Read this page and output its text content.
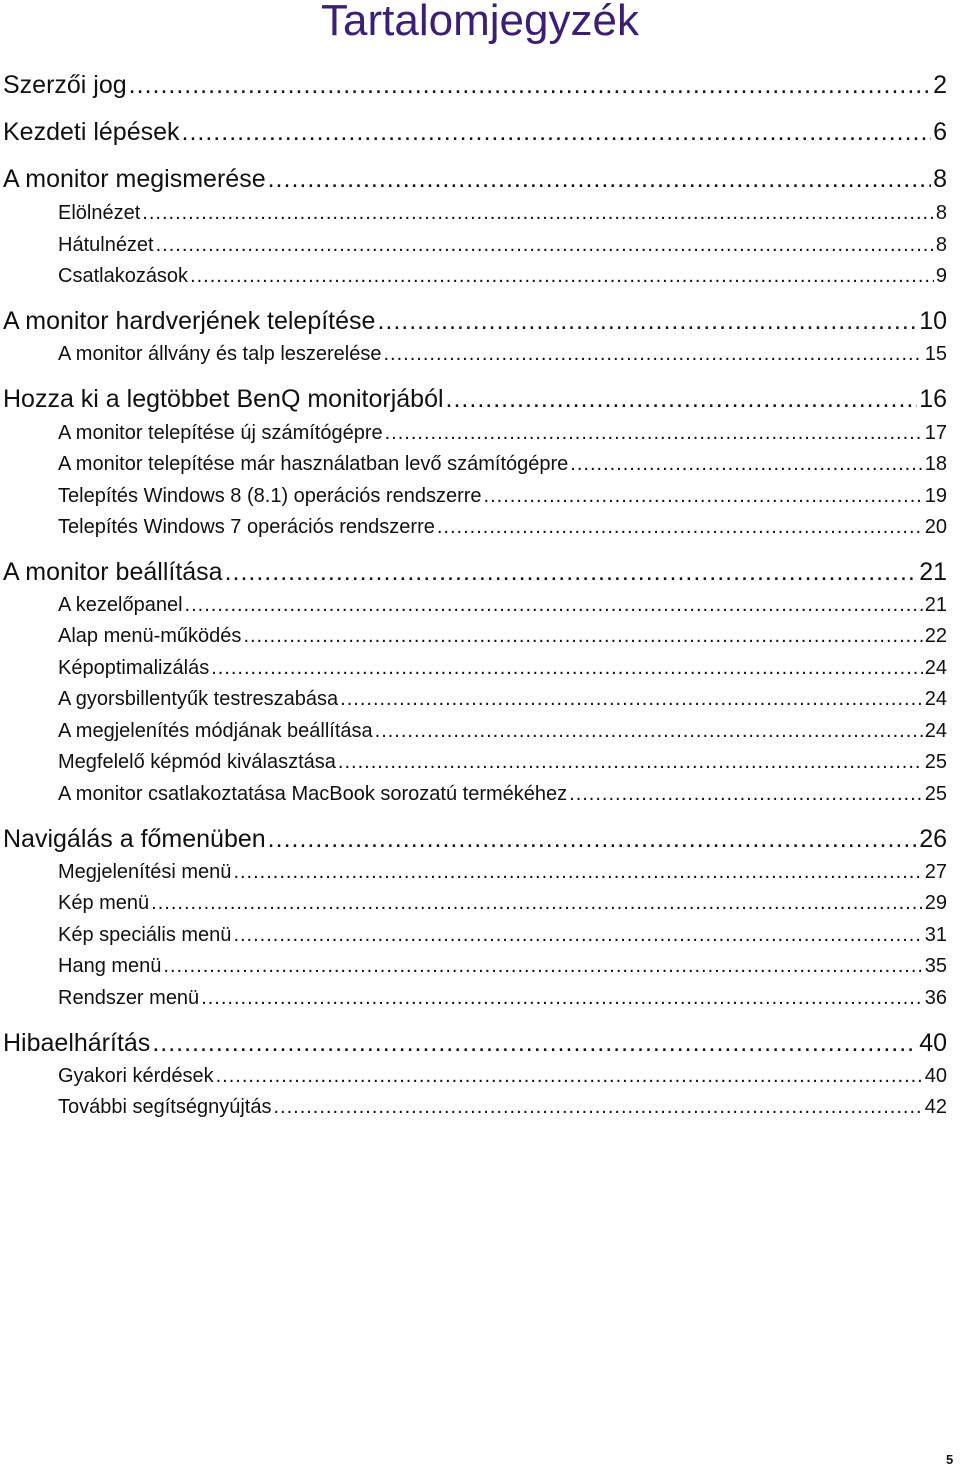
Tartalomjegyzék
Szerzői jog .....	2
Kezdeti lépések .....	6
A monitor megismerése .....	8
Elölnézet .....	8
Hátulnézet .....	8
Csatlakozások .....	9
A monitor hardverjének telepítése .....	10
A monitor állvány és talp leszerelése .....	15
Hozza ki a legtöbbet BenQ monitorjából .....	16
A monitor telepítése új számítógépre .....	17
A monitor telepítése már használatban levő számítógépre .....	18
Telepítés Windows 8 (8.1) operációs rendszerre .....	19
Telepítés Windows 7 operációs rendszerre .....	20
A monitor beállítása .....	21
A kezelőpanel .....	21
Alap menü-működés .....	22
Képoptimalizálás .....	24
A gyorsbillentyűk testreszabása .....	24
A megjelenítés módjának beállítása .....	24
Megfelelő képmód kiválasztása .....	25
A monitor csatlakoztatása MacBook sorozatú termékéhez .....	25
Navigálás a főmenüben .....	26
Megjelenítési menü .....	27
Kép menü .....	29
Kép speciális menü .....	31
Hang menü .....	35
Rendszer menü .....	36
Hibaelhárítás .....	40
Gyakori kérdések .....	40
További segítségnyújtás .....	42
5
